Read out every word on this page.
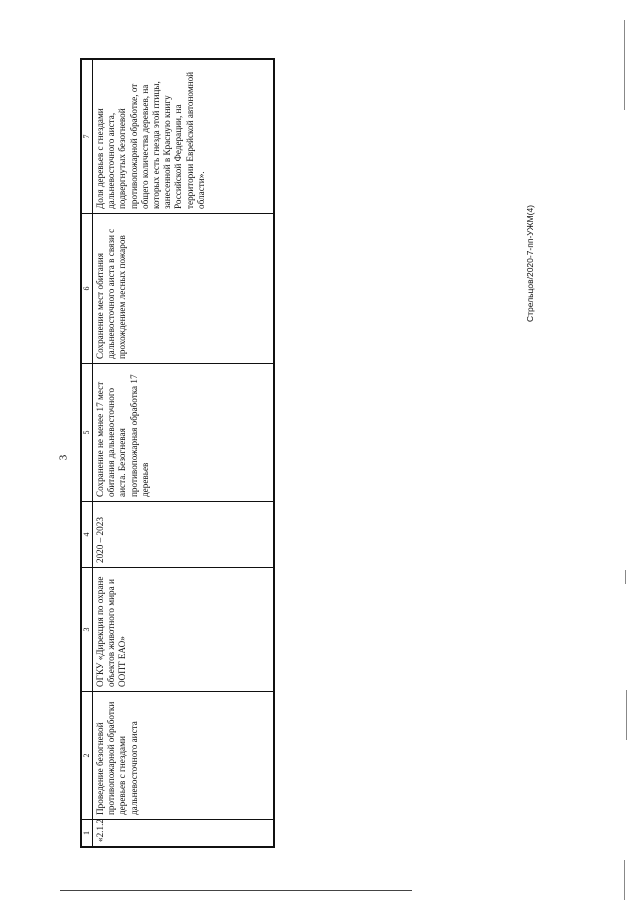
3
1	2	3	4	5	6	7
«2.1.2	Проведение безогневой противопожарной обработки деревьев с гнездами дальневосточного аиста	ОГКУ «Дирекция по охране объектов животного мира и ООПТ ЕАО»	2020 – 2023	Сохранение не менее 17 мест обитания дальневосточного аиста. Безогневая противопожарная обработка 17 деревьев	Сохранение мест обитания дальневосточного аиста в связи с прохождением лесных пожаров	Доля деревьев с гнездами дальневосточного аиста, подвергнутых безогневой противопожарной обработке, от общего количества деревьев, на которых есть гнезда этой птицы, занесенной в Красную книгу Российской Федерации, на территории Еврейской автономной области».
Стрельцов/2020-7-пп-УЖМ(4)
